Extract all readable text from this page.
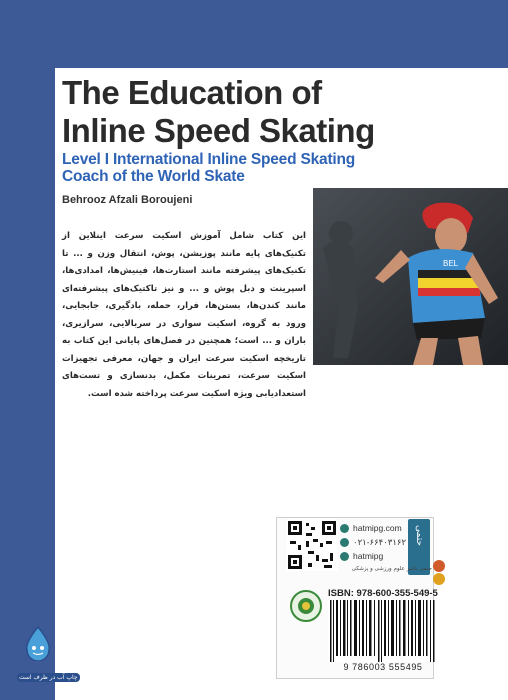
The Education of
Inline Speed Skating
Level I International Inline Speed Skating
Coach of the World Skate
Behrooz Afzali Boroujeni
BEL
این کتاب شامل آموزش اسکیت سرعت اینلاین از تکنیک‌های پایه مانند پوزیشن، پوش، انتقال وزن و ... تا تکنیک‌های پیشرفته مانند استارت‌ها، فینیش‌ها، امدادی‌ها، اسپرینت و دبل پوش و ... و نیز تاکتیک‌های پیشرفته‌ای مانند کندن‌ها، بستن‌ها، فرار، حمله، بادگیری، جابجایی، ورود به گروه، اسکیت سواری در سربالایی، سرازیری، باران و ... است؛ همچنین در فصل‌های پایانی این کتاب به تاریخچه اسکیت سرعت ایران و جهان، معرفی تجهیزات اسکیت سرعت، تمرینات مکمل، بدنسازی و تست‌های استعدادیابی ویژه اسکیت سرعت پرداخته شده است.
hatmipg.com
۰۲۱-۶۶۴۰۳۱۶۲
hatmipg
حتمی
حتمی ناشر علوم ورزشی و پزشکی
ISBN: 978-600-355-549-5
9 786003 555495
چاپ آب در ظرف است
